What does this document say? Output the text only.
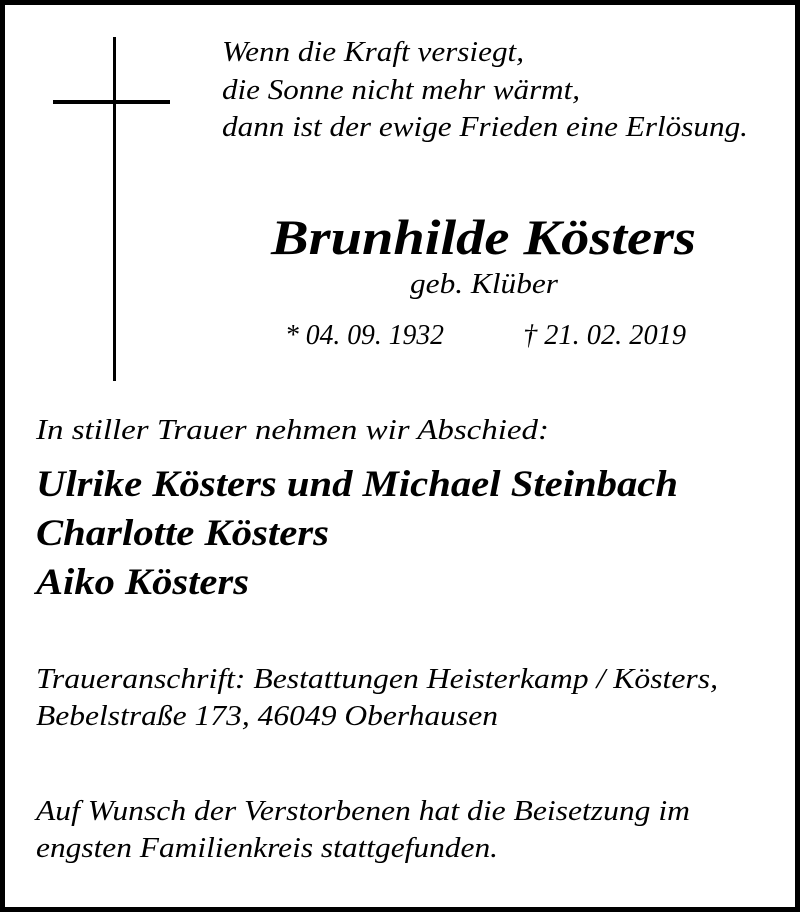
Wenn die Kraft versiegt,
die Sonne nicht mehr wärmt,
dann ist der ewige Frieden eine Erlösung.
Brunhilde Kösters
geb. Klüber
* 04. 09. 1932	† 21. 02. 2019
In stiller Trauer nehmen wir Abschied:
Ulrike Kösters und Michael Steinbach
Charlotte Kösters
Aiko Kösters
Traueranschrift: Bestattungen Heisterkamp / Kösters,
Bebelstraße 173, 46049 Oberhausen
Auf Wunsch der Verstorbenen hat die Beisetzung im
engsten Familienkreis stattgefunden.
